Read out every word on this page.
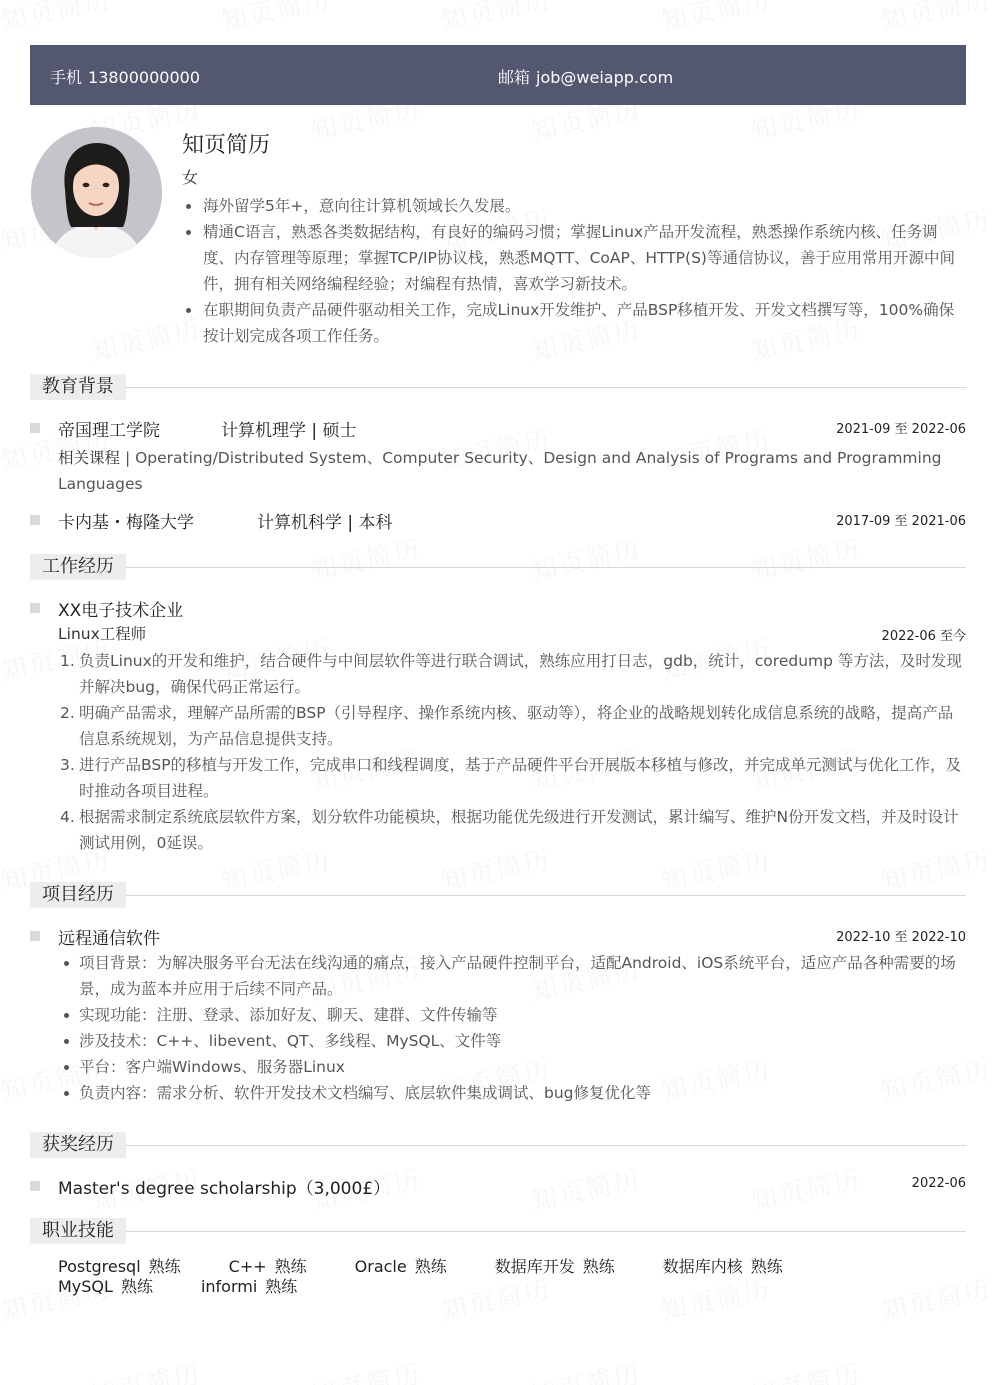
手机 13800000000	邮箱 job@weiapp.com
知页简历
女
海外留学5年+，意向往计算机领域长久发展。
精通C语言，熟悉各类数据结构，有良好的编码习惯；掌握Linux产品开发流程，熟悉操作系统内核、任务调度、内存管理等原理；掌握TCP/IP协议栈，熟悉MQTT、CoAP、HTTP(S)等通信协议，善于应用常用开源中间件，拥有相关网络编程经验；对编程有热情，喜欢学习新技术。
在职期间负责产品硬件驱动相关工作，完成Linux开发维护、产品BSP移植开发、开发文档撰写等，100%确保按计划完成各项工作任务。
教育背景
帝国理工学院	计算机理学 | 硕士	2021-09 至 2022-06
相关课程 | Operating/Distributed System、Computer Security、Design and Analysis of Programs and Programming Languages
卡内基・梅隆大学	计算机科学 | 本科	2017-09 至 2021-06
工作经历
XX电子技术企业
Linux工程师	2022-06 至今
1. 负责Linux的开发和维护，结合硬件与中间层软件等进行联合调试，熟练应用打日志，gdb，统计，coredump 等方法，及时发现并解决bug，确保代码正常运行。
2. 明确产品需求，理解产品所需的BSP（引导程序、操作系统内核、驱动等），将企业的战略规划转化成信息系统的战略，提高产品信息系统规划，为产品信息提供支持。
3. 进行产品BSP的移植与开发工作，完成串口和线程调度，基于产品硬件平台开展版本移植与修改，并完成单元测试与优化工作，及时推动各项目进程。
4. 根据需求制定系统底层软件方案，划分软件功能模块，根据功能优先级进行开发测试，累计编写、维护N份开发文档，并及时设计测试用例，0延误。
项目经历
远程通信软件	2022-10 至 2022-10
项目背景：为解决服务平台无法在线沟通的痛点，接入产品硬件控制平台，适配Android、iOS系统平台，适应产品各种需要的场景，成为蓝本并应用于后续不同产品。
实现功能：注册、登录、添加好友、聊天、建群、文件传输等
涉及技术：C++、libevent、QT、多线程、MySQL、文件等
平台：客户端Windows、服务器Linux
负责内容：需求分析、软件开发技术文档编写、底层软件集成调试、bug修复优化等
获奖经历
Master's degree scholarship（3,000£）	2022-06
职业技能
Postgresql 熟练	C++ 熟练	Oracle 熟练	数据库开发 熟练	数据库内核 熟练
MySQL 熟练	informi 熟练
